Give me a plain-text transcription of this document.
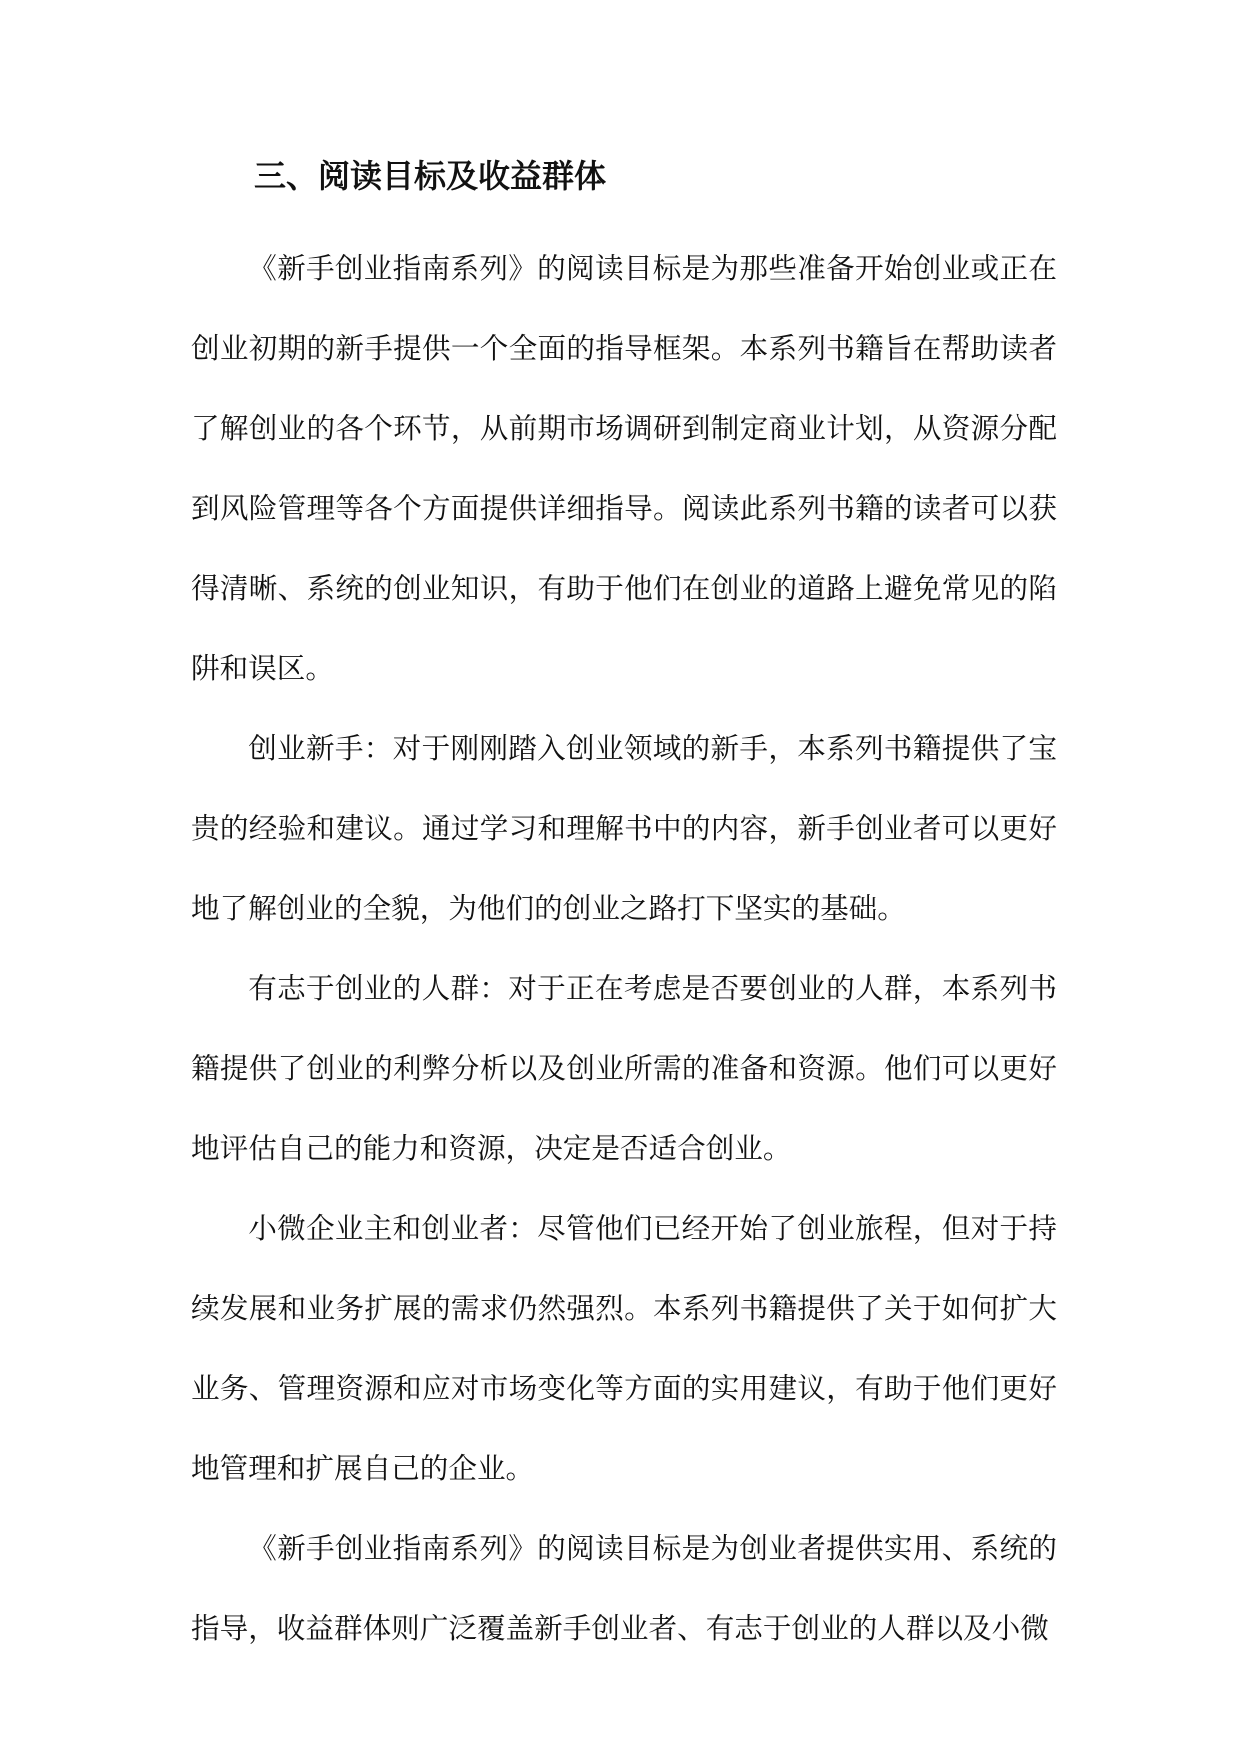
三、阅读目标及收益群体

《新手创业指南系列》的阅读目标是为那些准备开始创业或正在创业初期的新手提供一个全面的指导框架。本系列书籍旨在帮助读者了解创业的各个环节，从前期市场调研到制定商业计划，从资源分配到风险管理等各个方面提供详细指导。阅读此系列书籍的读者可以获得清晰、系统的创业知识，有助于他们在创业的道路上避免常见的陷阱和误区。

创业新手：对于刚刚踏入创业领域的新手，本系列书籍提供了宝贵的经验和建议。通过学习和理解书中的内容，新手创业者可以更好地了解创业的全貌，为他们的创业之路打下坚实的基础。

有志于创业的人群：对于正在考虑是否要创业的人群，本系列书籍提供了创业的利弊分析以及创业所需的准备和资源。他们可以更好地评估自己的能力和资源，决定是否适合创业。

小微企业主和创业者：尽管他们已经开始了创业旅程，但对于持续发展和业务扩展的需求仍然强烈。本系列书籍提供了关于如何扩大业务、管理资源和应对市场变化等方面的实用建议，有助于他们更好地管理和扩展自己的企业。

《新手创业指南系列》的阅读目标是为创业者提供实用、系统的指导，收益群体则广泛覆盖新手创业者、有志于创业的人群以及小微
